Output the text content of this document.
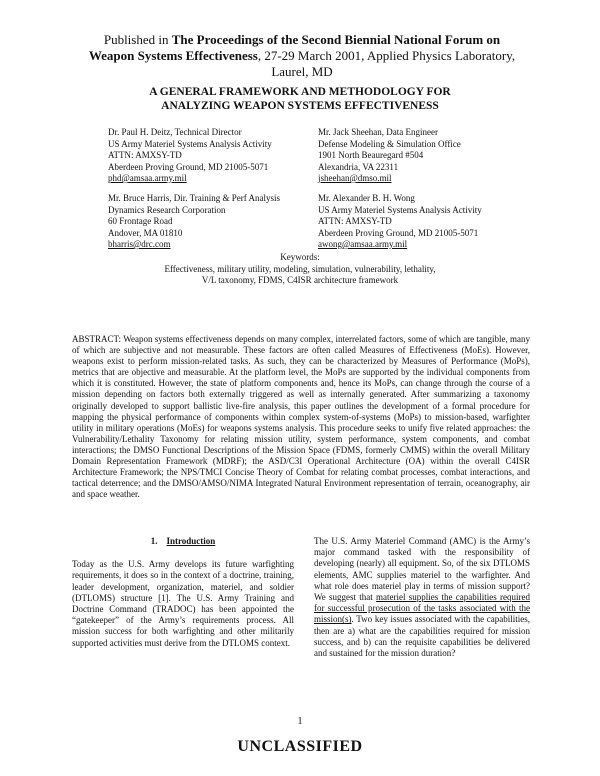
Published in The Proceedings of the Second Biennial National Forum on Weapon Systems Effectiveness, 27-29 March 2001, Applied Physics Laboratory, Laurel, MD
A GENERAL FRAMEWORK AND METHODOLOGY FOR
ANALYZING WEAPON SYSTEMS EFFECTIVENESS
Dr. Paul H. Deitz, Technical Director
US Army Materiel Systems Analysis Activity
ATTN: AMXSY-TD
Aberdeen Proving Ground, MD 21005-5071
phd@amsaa.army.mil
Mr. Jack Sheehan, Data Engineer
Defense Modeling & Simulation Office
1901 North Beauregard #504
Alexandria, VA 22311
jsheehan@dmso.mil
Mr. Bruce Harris, Dir. Training & Perf Analysis
Dynamics Research Corporation
60 Frontage Road
Andover, MA 01810
bharris@drc.com
Mr. Alexander B. H. Wong
US Army Materiel Systems Analysis Activity
ATTN: AMXSY-TD
Aberdeen Proving Ground, MD 21005-5071
awong@amsaa.army.mil
Keywords:
Effectiveness, military utility, modeling, simulation, vulnerability, lethality,
V/L taxonomy, FDMS, C4ISR architecture framework
ABSTRACT: Weapon systems effectiveness depends on many complex, interrelated factors, some of which are tangible, many of which are subjective and not measurable. These factors are often called Measures of Effectiveness (MoEs). However, weapons exist to perform mission-related tasks. As such, they can be characterized by Measures of Performance (MoPs), metrics that are objective and measurable. At the platform level, the MoPs are supported by the individual components from which it is constituted. However, the state of platform components and, hence its MoPs, can change through the course of a mission depending on factors both externally triggered as well as internally generated. After summarizing a taxonomy originally developed to support ballistic live-fire analysis, this paper outlines the development of a formal procedure for mapping the physical performance of components within complex system-of-systems (MoPs) to mission-based, warfighter utility in military operations (MoEs) for weapons systems analysis. This procedure seeks to unify five related approaches: the Vulnerability/Lethality Taxonomy for relating mission utility, system performance, system components, and combat interactions; the DMSO Functional Descriptions of the Mission Space (FDMS, formerly CMMS) within the overall Military Domain Representation Framework (MDRF); the ASD/C3I Operational Architecture (OA) within the overall C4ISR Architecture Framework; the NPS/TMCI Concise Theory of Combat for relating combat processes, combat interactions, and tactical deterrence; and the DMSO/AMSO/NIMA Integrated Natural Environment representation of terrain, oceanography, air and space weather.
1. Introduction

Today as the U.S. Army develops its future warfighting requirements, it does so in the context of a doctrine, training, leader development, organization, materiel, and soldier (DTLOMS) structure [1]. The U.S. Army Training and Doctrine Command (TRADOC) has been appointed the “gatekeeper” of the Army’s requirements process. All mission success for both warfighting and other militarily supported activities must derive from the DTLOMS context.

The U.S. Army Materiel Command (AMC) is the Army’s major command tasked with the responsibility of developing (nearly) all equipment. So, of the six DTLOMS elements, AMC supplies materiel to the warfighter. And what role does materiel play in terms of mission support? We suggest that materiel supplies the capabilities required for successful prosecution of the tasks associated with the mission(s). Two key issues associated with the capabilities, then are a) what are the capabilities required for mission success, and b) can the requisite capabilities be delivered and sustained for the mission duration?

1
UNCLASSIFIED
